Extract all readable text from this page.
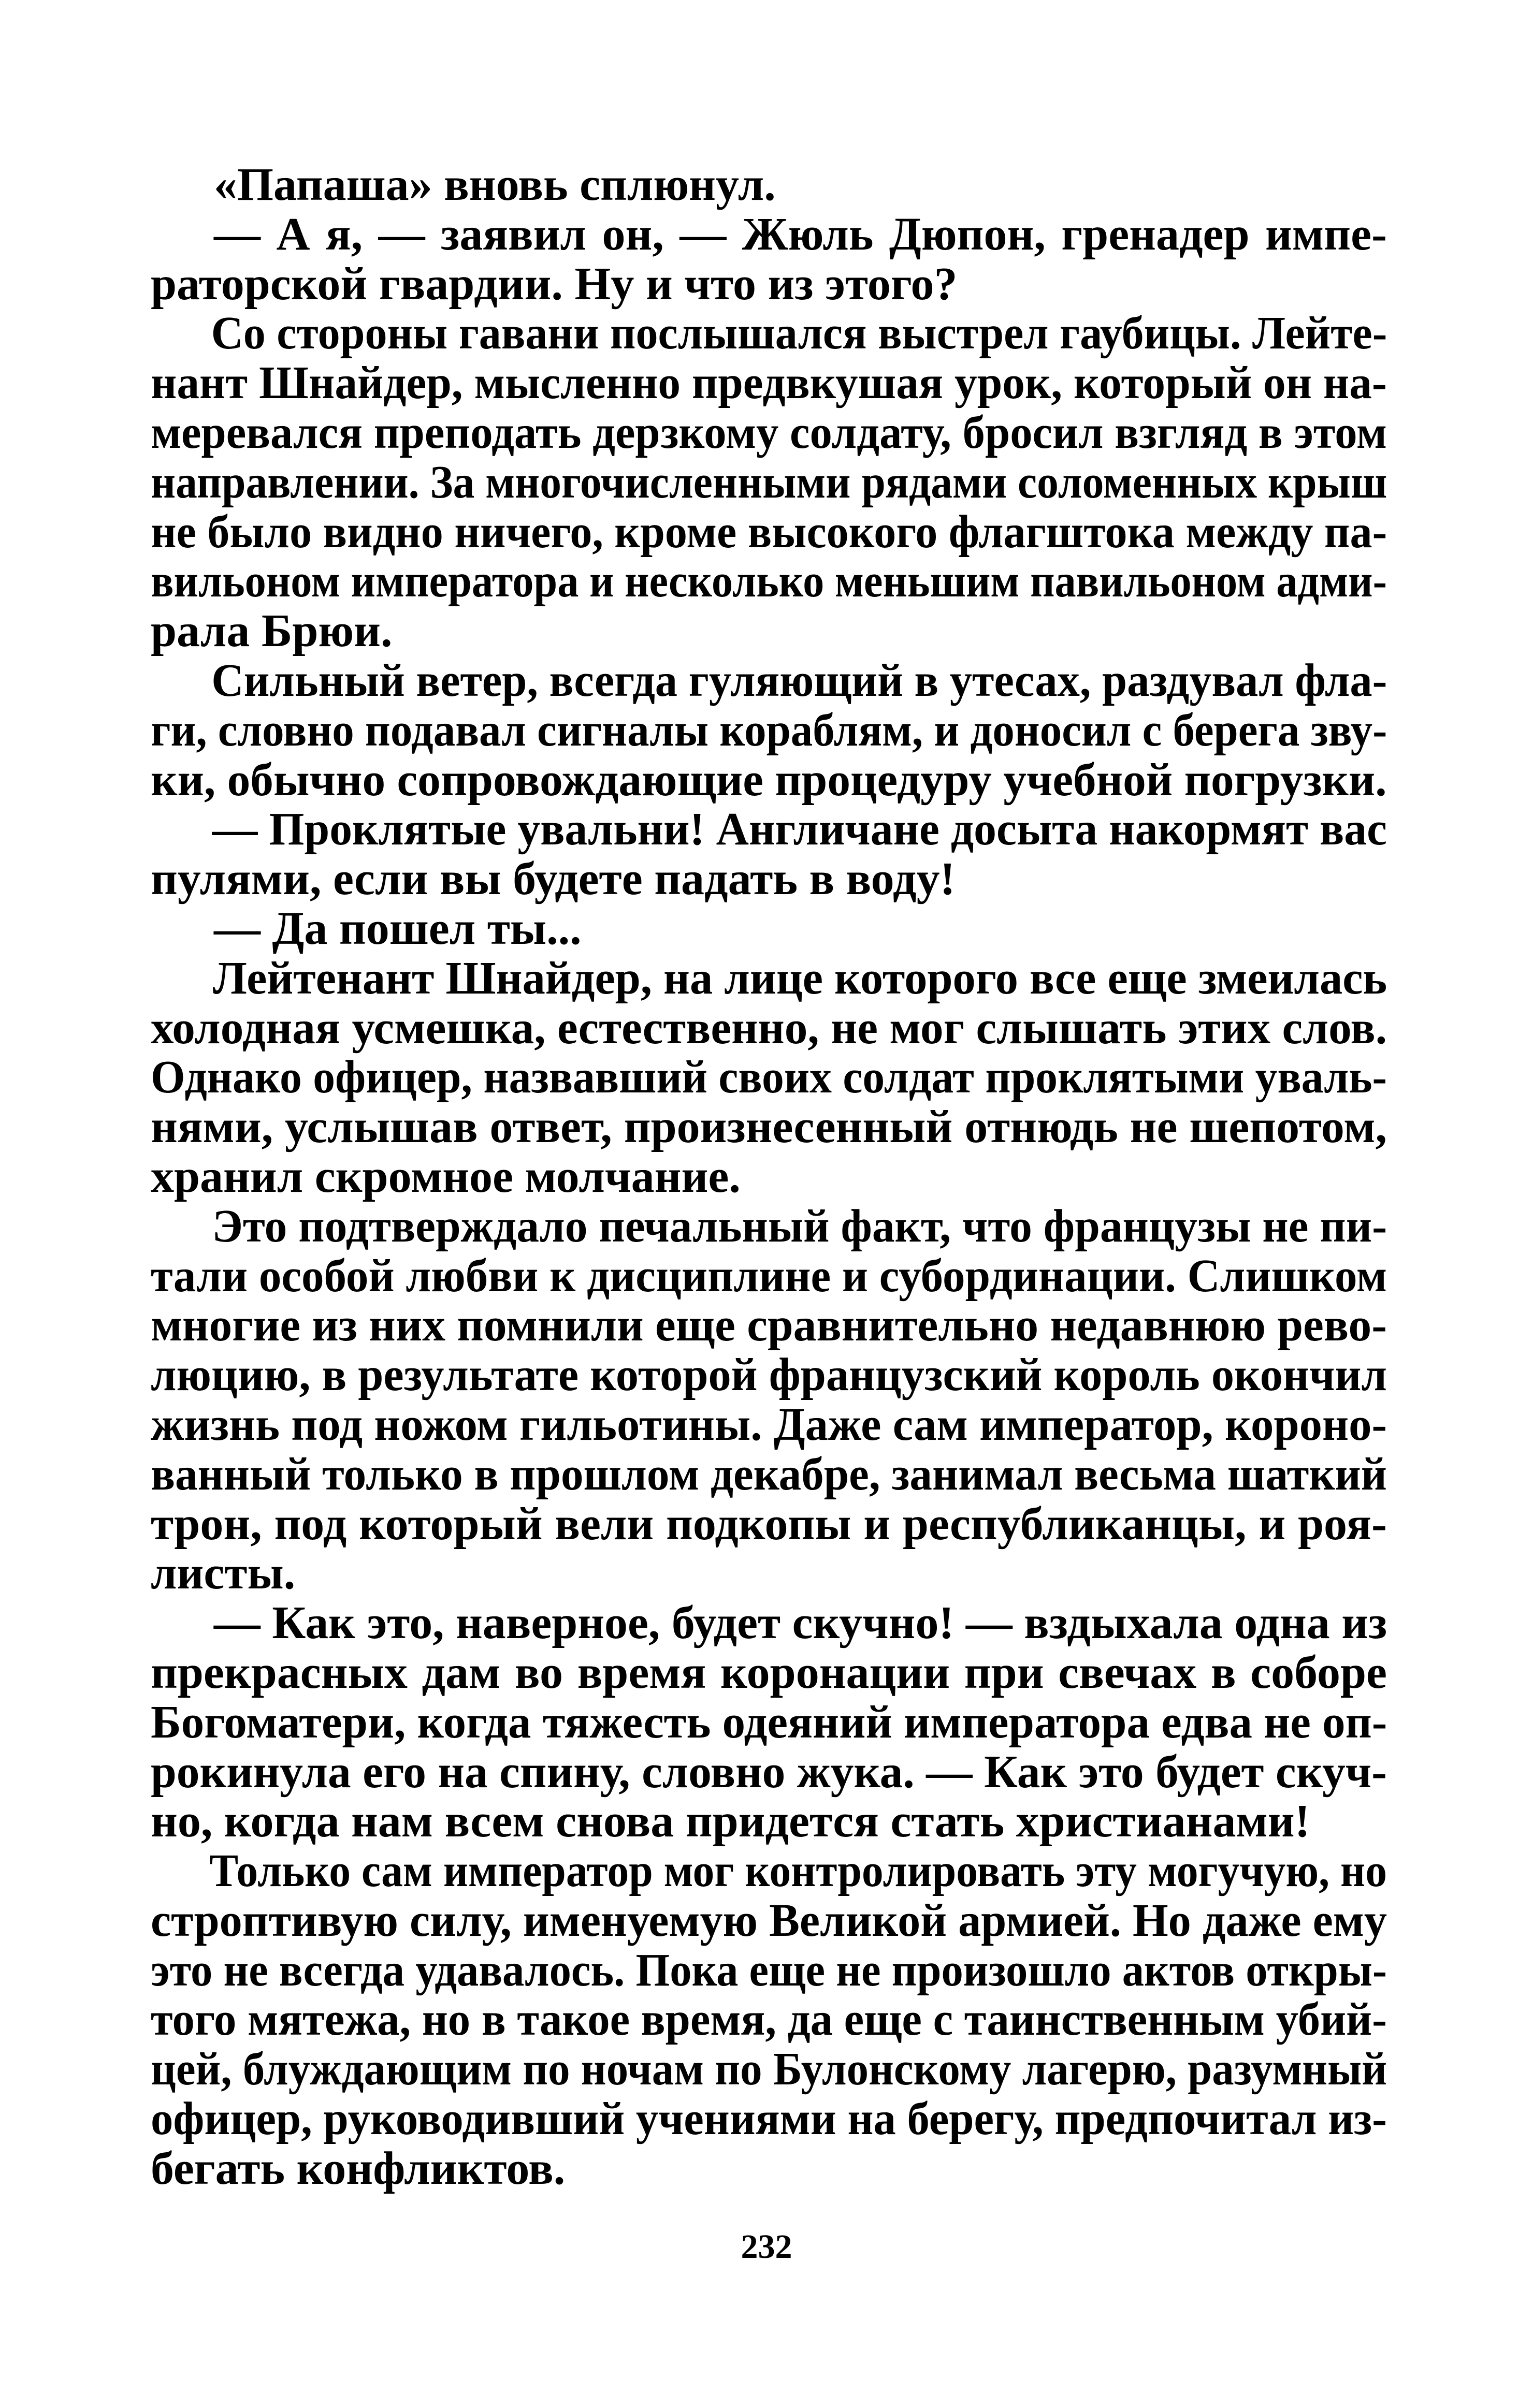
«Папаша» вновь сплюнул.
— А я, — заявил он, — Жюль Дюпон, гренадер импе-
раторской гвардии. Ну и что из этого?
Со стороны гавани послышался выстрел гаубицы. Лейте-
нант Шнайдер, мысленно предвкушая урок, который он на-
меревался преподать дерзкому солдату, бросил взгляд в этом
направлении. За многочисленными рядами соломенных крыш
не было видно ничего, кроме высокого флагштока между па-
вильоном императора и несколько меньшим павильоном адми-
рала Брюи.
Сильный ветер, всегда гуляющий в утесах, раздувал фла-
ги, словно подавал сигналы кораблям, и доносил с берега зву-
ки, обычно сопровождающие процедуру учебной погрузки.
— Проклятые увальни! Англичане досыта накормят вас
пулями, если вы будете падать в воду!
— Да пошел ты...
Лейтенант Шнайдер, на лице которого все еще змеилась
холодная усмешка, естественно, не мог слышать этих слов.
Однако офицер, назвавший своих солдат проклятыми уваль-
нями, услышав ответ, произнесенный отнюдь не шепотом,
хранил скромное молчание.
Это подтверждало печальный факт, что французы не пи-
тали особой любви к дисциплине и субординации. Слишком
многие из них помнили еще сравнительно недавнюю рево-
люцию, в результате которой французский король окончил
жизнь под ножом гильотины. Даже сам император, короно-
ванный только в прошлом декабре, занимал весьма шаткий
трон, под который вели подкопы и республиканцы, и роя-
листы.
— Как это, наверное, будет скучно! — вздыхала одна из
прекрасных дам во время коронации при свечах в соборе
Богоматери, когда тяжесть одеяний императора едва не оп-
рокинула его на спину, словно жука. — Как это будет скуч-
но, когда нам всем снова придется стать христианами!
Только сам император мог контролировать эту могучую, но
строптивую силу, именуемую Великой армией. Но даже ему
это не всегда удавалось. Пока еще не произошло актов откры-
того мятежа, но в такое время, да еще с таинственным убий-
цей, блуждающим по ночам по Булонскому лагерю, разумный
офицер, руководивший учениями на берегу, предпочитал из-
бегать конфликтов.
232
